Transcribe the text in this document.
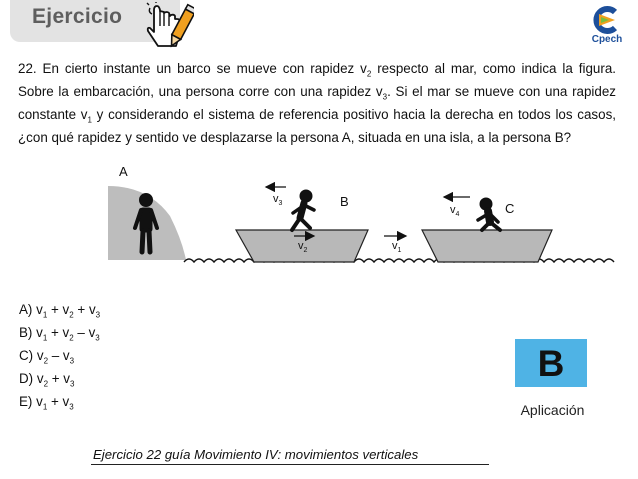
Ejercicio
Cpech
22. En cierto instante un barco se mueve con rapidez $v_2$ respecto al mar, como indica la figura. Sobre la embarcación, una persona corre con una rapidez $v_3$. Si el mar se mueve con una rapidez constante $v_1$ y considerando el sistema de referencia positivo hacia la derecha en todos los casos, ¿con qué rapidez y sentido ve desplazarse la persona A, situada en una isla, a la persona B?
A
B
$v_3$
$v_2$	$v_1$
C
$v_4$
A) $v_1 + v_2 + v_3$
B) $v_1 + v_2 - v_3$
C) $v_2 - v_3$
D) $v_2 + v_3$
E) $v_1 + v_3$
B
Aplicación
Ejercicio 22 guía Movimiento IV: movimientos verticales
